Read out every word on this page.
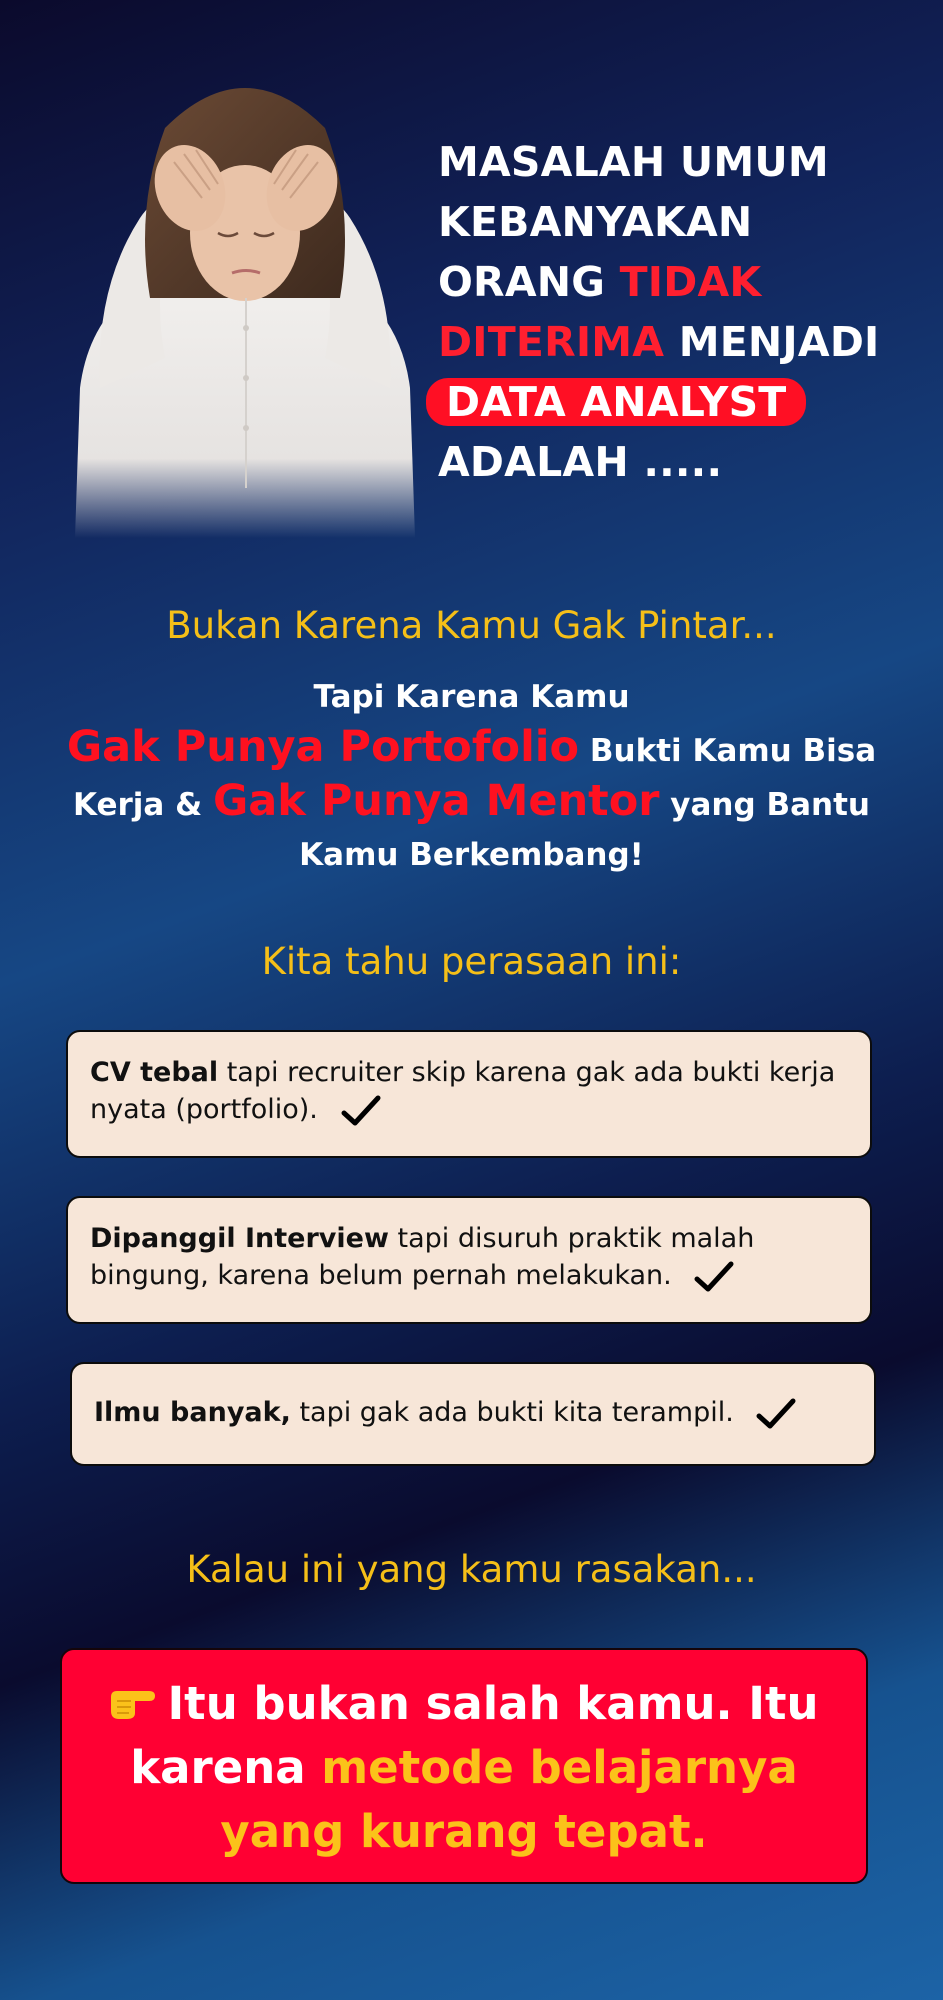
MASALAH UMUM
KEBANYAKAN
ORANG TIDAK
DITERIMA MENJADI
DATA ANALYST
ADALAH .....
Bukan Karena Kamu Gak Pintar...
Tapi Karena Kamu
Gak Punya Portofolio Bukti Kamu Bisa Kerja & Gak Punya Mentor yang Bantu Kamu Berkembang!
Kita tahu perasaan ini:
CV tebal tapi recruiter skip karena gak ada bukti kerja nyata (portfolio).
Dipanggil Interview tapi disuruh praktik malah bingung, karena belum pernah melakukan.
Ilmu banyak, tapi gak ada bukti kita terampil.
Kalau ini yang kamu rasakan...
Itu bukan salah kamu. Itu karena metode belajarnya yang kurang tepat.
